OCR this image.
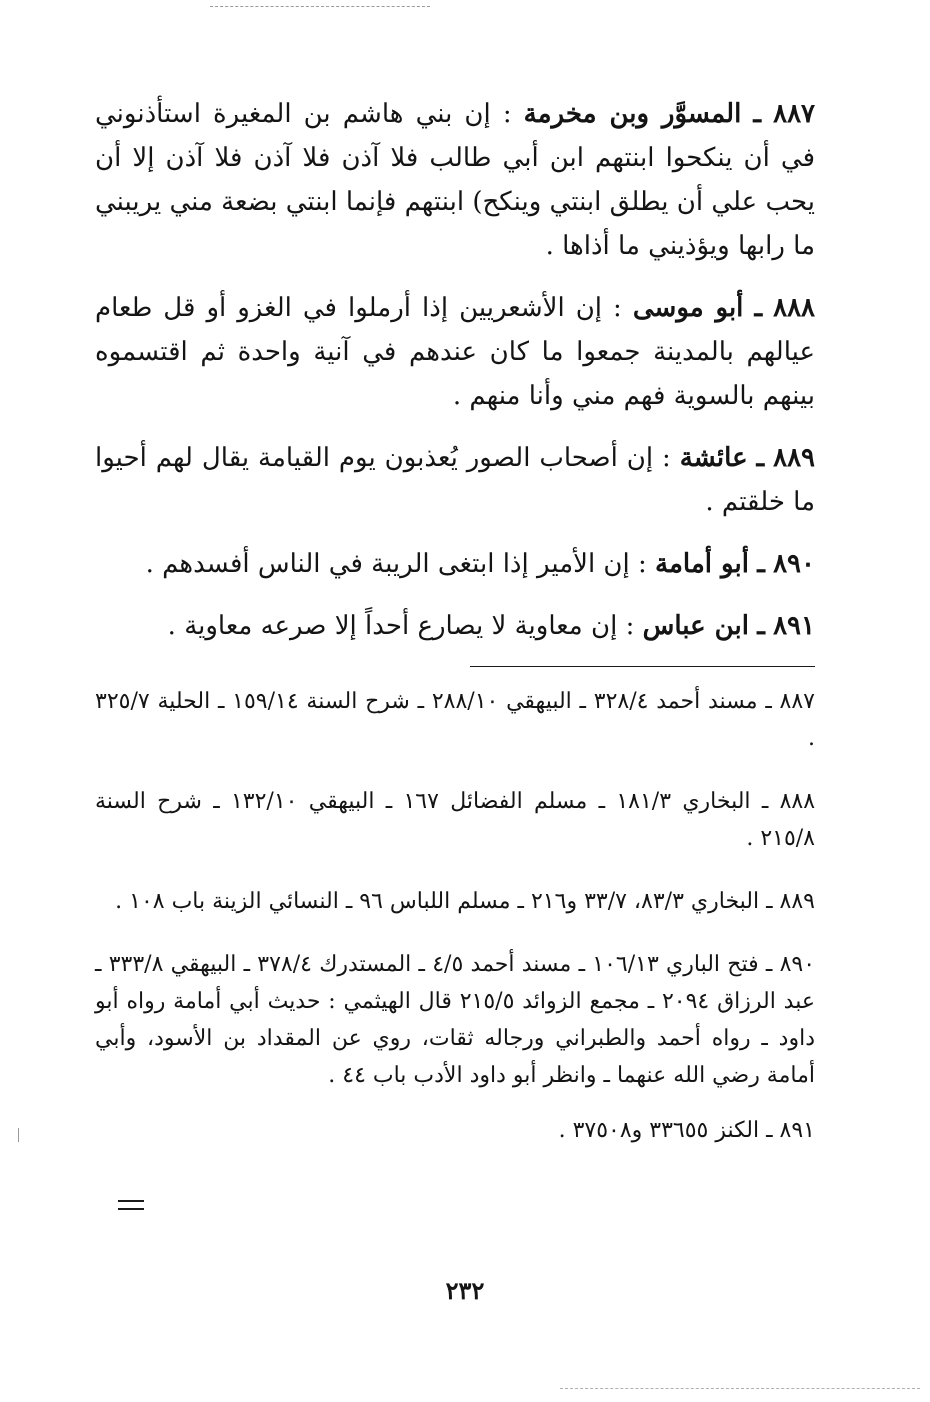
٨٨٧ ـ المسوَّر وبن مخرمة : إن بني هاشم بن المغيرة استأذنوني في أن ينكحوا ابنتهم ابن أبي طالب فلا آذن فلا آذن فلا آذن إلا أن يحب علي أن يطلق ابنتي وينكح) ابنتهم فإنما ابنتي بضعة مني يريبني ما رابها ويؤذيني ما أذاها .
٨٨٨ ـ أبو موسى : إن الأشعريين إذا أرملوا في الغزو أو قل طعام عيالهم بالمدينة جمعوا ما كان عندهم في آنية واحدة ثم اقتسموه بينهم بالسوية فهم مني وأنا منهم .
٨٨٩ ـ عائشة : إن أصحاب الصور يُعذبون يوم القيامة يقال لهم أحيوا ما خلقتم .
٨٩٠ ـ أبو أمامة : إن الأمير إذا ابتغى الريبة في الناس أفسدهم .
٨٩١ ـ ابن عباس : إن معاوية لا يصارع أحداً إلا صرعه معاوية .
٨٨٧ ـ مسند أحمد ٣٢٨/٤ ـ البيهقي ٢٨٨/١٠ ـ شرح السنة ١٥٩/١٤ ـ الحلية ٣٢٥/٧ .
٨٨٨ ـ البخاري ١٨١/٣ ـ مسلم الفضائل ١٦٧ ـ البيهقي ١٣٢/١٠ ـ شرح السنة ٢١٥/٨ .
٨٨٩ ـ البخاري ٨٣/٣، ٣٣/٧ و٢١٦ ـ مسلم اللباس ٩٦ ـ النسائي الزينة باب ١٠٨ .
٨٩٠ ـ فتح الباري ١٠٦/١٣ ـ مسند أحمد ٤/٥ ـ المستدرك ٣٧٨/٤ ـ البيهقي ٣٣٣/٨ ـ عبد الرزاق ٢٠٩٤ ـ مجمع الزوائد ٢١٥/٥ قال الهيثمي : حديث أبي أمامة رواه أبو داود ـ رواه أحمد والطبراني ورجاله ثقات، روي عن المقداد بن الأسود، وأبي أمامة رضي الله عنهما ـ وانظر أبو داود الأدب باب ٤٤ .
٨٩١ ـ الكنز ٣٣٦٥٥ و٣٧٥٠٨ .
٢٣٢
